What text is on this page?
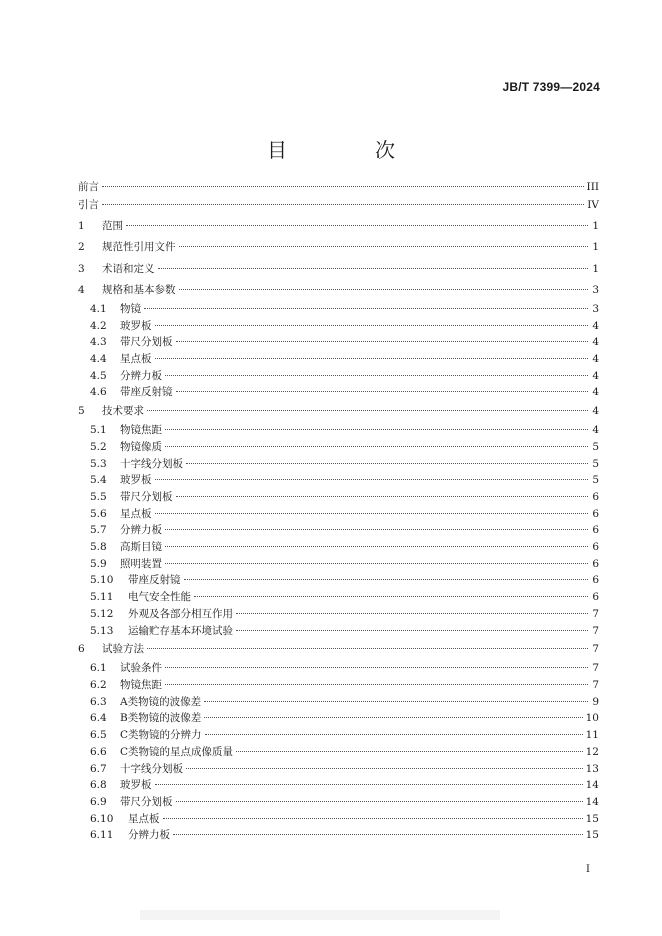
JB/T 7399—2024
目　次
前言	III
引言	IV
1	范围	1
2	规范性引用文件	1
3	术语和定义	1
4	规格和基本参数	3
4.1	物镜	3
4.2	玻罗板	4
4.3	带尺分划板	4
4.4	星点板	4
4.5	分辨力板	4
4.6	带座反射镜	4
5	技术要求	4
5.1	物镜焦距	4
5.2	物镜像质	5
5.3	十字线分划板	5
5.4	玻罗板	5
5.5	带尺分划板	6
5.6	星点板	6
5.7	分辨力板	6
5.8	高斯目镜	6
5.9	照明装置	6
5.10	带座反射镜	6
5.11	电气安全性能	6
5.12	外观及各部分相互作用	7
5.13	运输贮存基本环境试验	7
6	试验方法	7
6.1	试验条件	7
6.2	物镜焦距	7
6.3	A类物镜的波像差	9
6.4	B类物镜的波像差	10
6.5	C类物镜的分辨力	11
6.6	C类物镜的星点成像质量	12
6.7	十字线分划板	13
6.8	玻罗板	14
6.9	带尺分划板	14
6.10	星点板	15
6.11	分辨力板	15
I
